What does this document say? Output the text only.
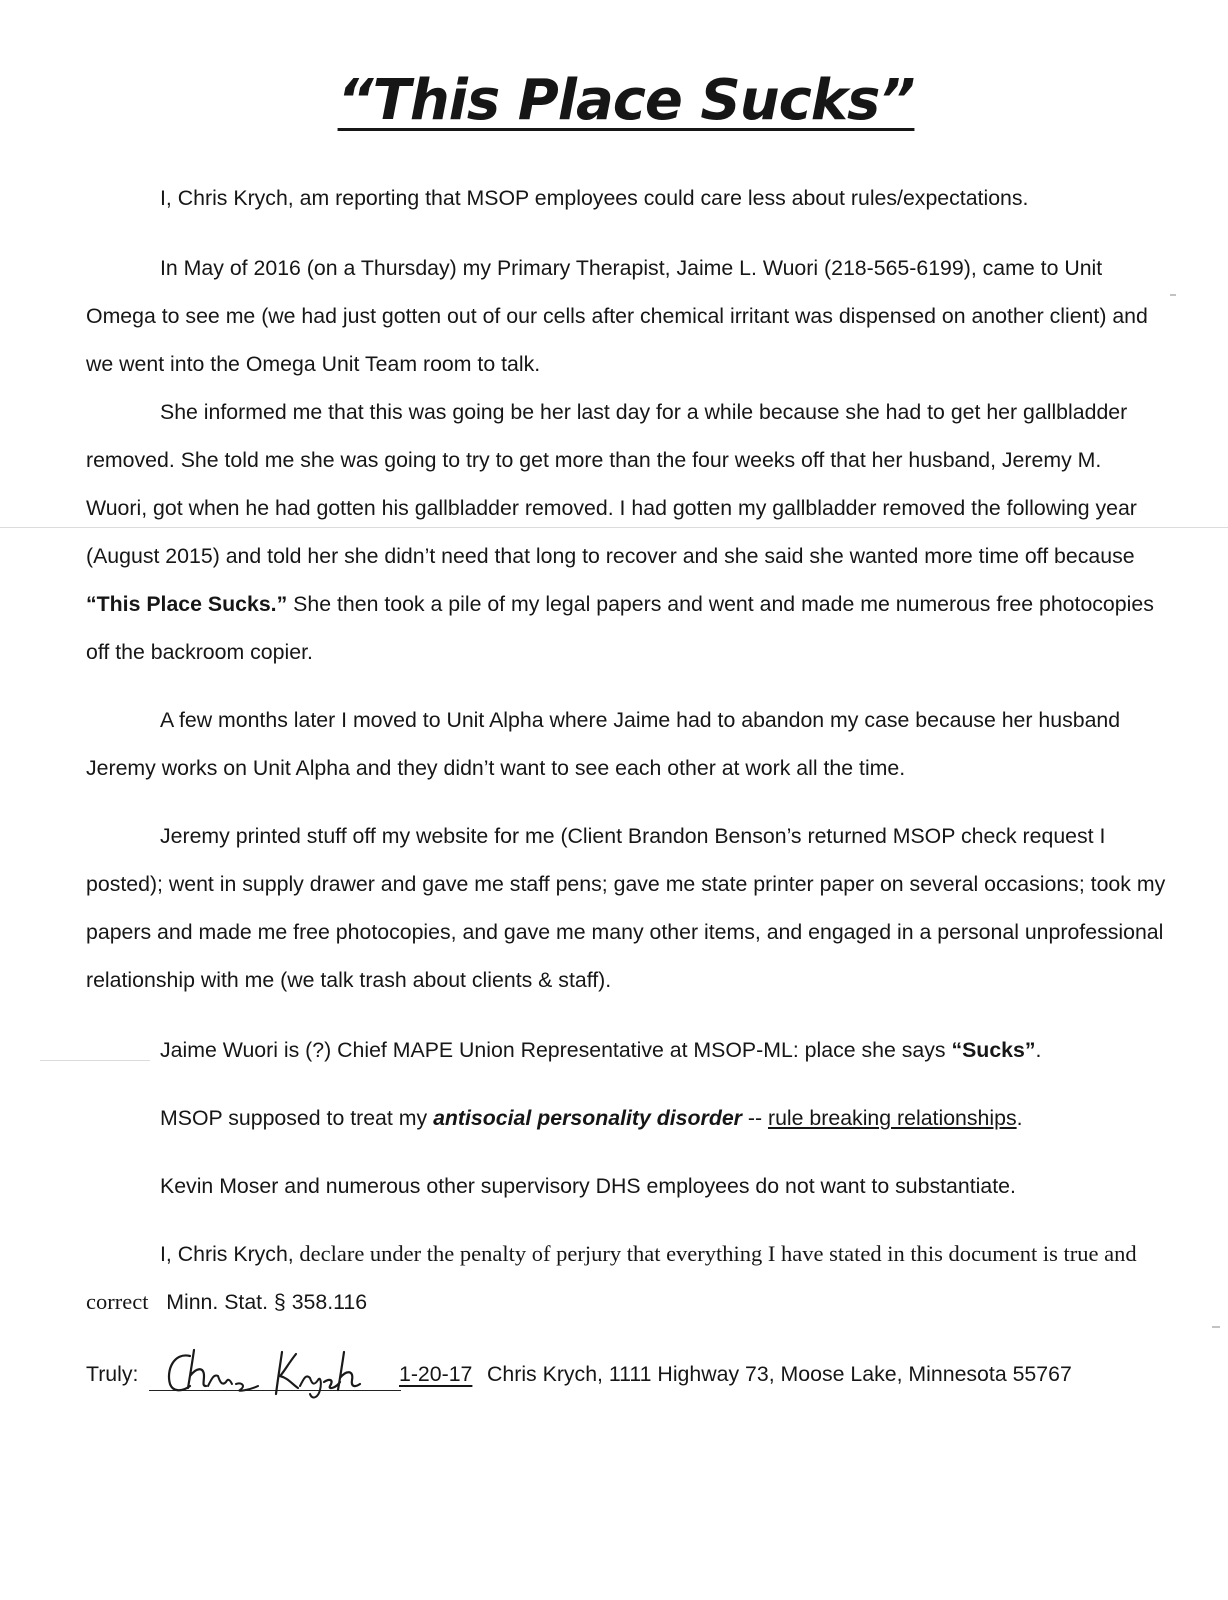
“This Place Sucks”

I, Chris Krych, am reporting that MSOP employees could care less about rules/expectations.

In May of 2016 (on a Thursday) my Primary Therapist, Jaime L. Wuori (218-565-6199), came to Unit Omega to see me (we had just gotten out of our cells after chemical irritant was dispensed on another client) and we went into the Omega Unit Team room to talk.

She informed me that this was going be her last day for a while because she had to get her gallbladder removed. She told me she was going to try to get more than the four weeks off that her husband, Jeremy M. Wuori, got when he had gotten his gallbladder removed. I had gotten my gallbladder removed the following year (August 2015) and told her she didn’t need that long to recover and she said she wanted more time off because “This Place Sucks.” She then took a pile of my legal papers and went and made me numerous free photocopies off the backroom copier.

A few months later I moved to Unit Alpha where Jaime had to abandon my case because her husband Jeremy works on Unit Alpha and they didn’t want to see each other at work all the time.

Jeremy printed stuff off my website for me (Client Brandon Benson’s returned MSOP check request I posted); went in supply drawer and gave me staff pens; gave me state printer paper on several occasions; took my papers and made me free photocopies, and gave me many other items, and engaged in a personal unprofessional relationship with me (we talk trash about clients & staff).

Jaime Wuori is (?) Chief MAPE Union Representative at MSOP-ML: place she says “Sucks”.

MSOP supposed to treat my antisocial personality disorder -- rule breaking relationships.

Kevin Moser and numerous other supervisory DHS employees do not want to substantiate.

I, Chris Krych, declare under the penalty of perjury that everything I have stated in this document is true and correct Minn. Stat. § 358.116

Truly:	1-20-17 Chris Krych, 1111 Highway 73, Moose Lake, Minnesota 55767
